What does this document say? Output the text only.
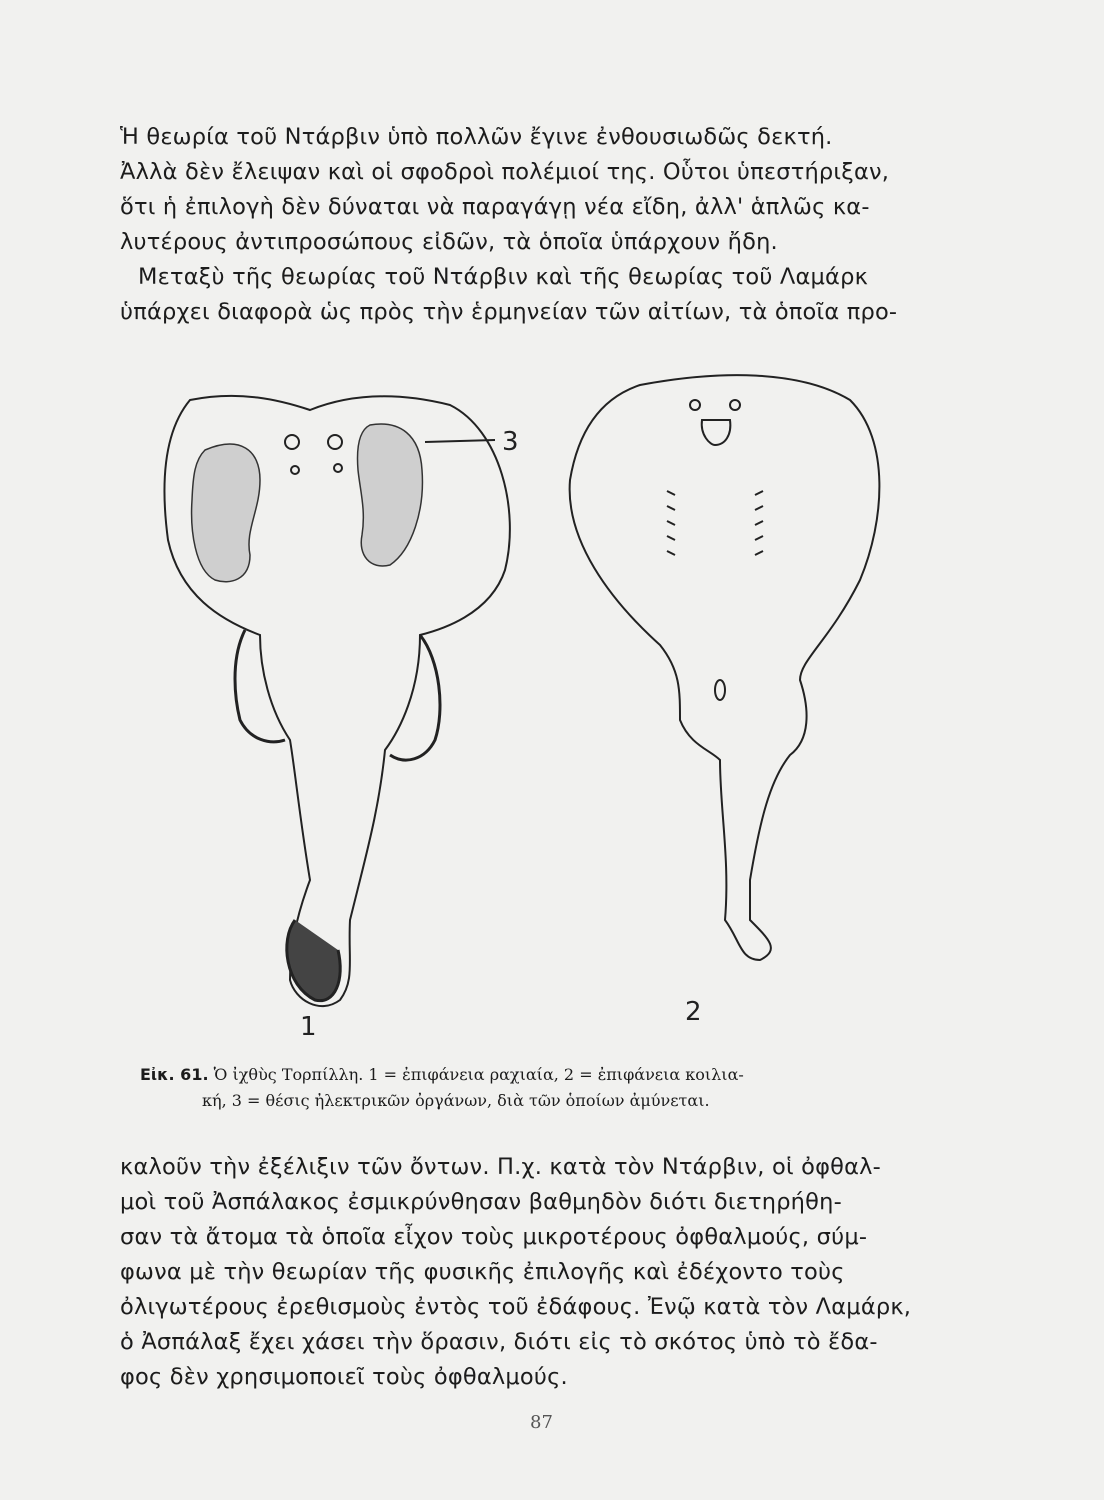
Ἡ θεωρία τοῦ Ντάρβιν ὑπὸ πολλῶν ἔγινε ἐνθουσιωδῶς δεκτή.

Ἀλλὰ δὲν ἔλειψαν καὶ οἱ σφοδροὶ πολέμιοί της. Οὗτοι ὑπεστήριξαν,

ὅτι ἡ ἐπιλογὴ δὲν δύναται νὰ παραγάγῃ νέα εἴδη, ἀλλ' ἁπλῶς κα-

λυτέρους ἀντιπροσώπους εἰδῶν, τὰ ὁποῖα ὑπάρχουν ἤδη.

Μεταξὺ τῆς θεωρίας τοῦ Ντάρβιν καὶ τῆς θεωρίας τοῦ Λαμάρκ

ὑπάρχει διαφορὰ ὡς πρὸς τὴν ἑρμηνείαν τῶν αἰτίων, τὰ ὁποῖα προ-

3
1	2
Εἰκ. 61. Ὁ ἰχθὺς Τορπίλλη. 1 = ἐπιφάνεια ραχιαία, 2 = ἐπιφάνεια κοιλια-
κή, 3 = θέσις ἠλεκτρικῶν ὀργάνων, διὰ τῶν ὁποίων ἀμύνεται.

καλοῦν τὴν ἐξέλιξιν τῶν ὄντων. Π.χ. κατὰ τὸν Ντάρβιν, οἱ ὀφθαλ-

μοὶ τοῦ Ἀσπάλακος ἐσμικρύνθησαν βαθμηδὸν διότι διετηρήθη-

σαν τὰ ἄτομα τὰ ὁποῖα εἶχον τοὺς μικροτέρους ὀφθαλμούς, σύμ-

φωνα μὲ τὴν θεωρίαν τῆς φυσικῆς ἐπιλογῆς καὶ ἐδέχοντο τοὺς

ὀλιγωτέρους ἐρεθισμοὺς ἐντὸς τοῦ ἐδάφους. Ἐνῷ κατὰ τὸν Λαμάρκ,

ὁ Ἀσπάλαξ ἔχει χάσει τὴν ὅρασιν, διότι εἰς τὸ σκότος ὑπὸ τὸ ἔδα-

φος δὲν χρησιμοποιεῖ τοὺς ὀφθαλμούς.

87
